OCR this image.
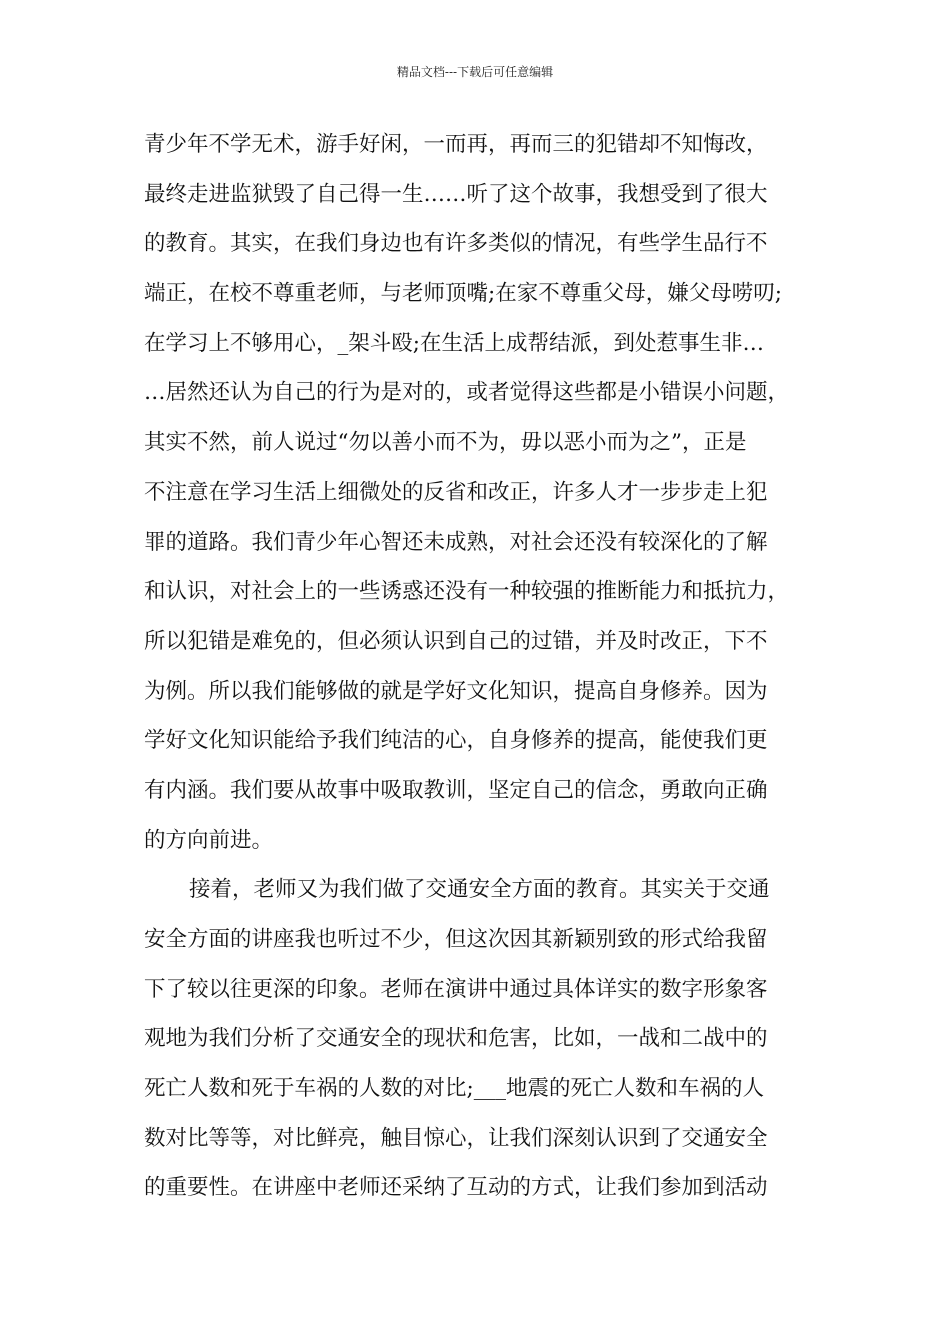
精品文档---下载后可任意编辑
青少年不学无术，游手好闲，一而再，再而三的犯错却不知悔改，
最终走进监狱毁了自己得一生……听了这个故事，我想受到了很大
的教育。其实，在我们身边也有许多类似的情况，有些学生品行不
端正，在校不尊重老师，与老师顶嘴;在家不尊重父母，嫌父母唠叨;
在学习上不够用心，_架斗殴;在生活上成帮结派，到处惹事生非…
…居然还认为自己的行为是对的，或者觉得这些都是小错误小问题，
其实不然，前人说过“勿以善小而不为，毋以恶小而为之”，正是
不注意在学习生活上细微处的反省和改正，许多人才一步步走上犯
罪的道路。我们青少年心智还未成熟，对社会还没有较深化的了解
和认识，对社会上的一些诱惑还没有一种较强的推断能力和抵抗力，
所以犯错是难免的，但必须认识到自己的过错，并及时改正，下不
为例。所以我们能够做的就是学好文化知识，提高自身修养。因为
学好文化知识能给予我们纯洁的心，自身修养的提高，能使我们更
有内涵。我们要从故事中吸取教训，坚定自己的信念，勇敢向正确
的方向前进。
接着，老师又为我们做了交通安全方面的教育。其实关于交通
安全方面的讲座我也听过不少，但这次因其新颖别致的形式给我留
下了较以往更深的印象。老师在演讲中通过具体详实的数字形象客
观地为我们分析了交通安全的现状和危害，比如，一战和二战中的
死亡人数和死于车祸的人数的对比;___地震的死亡人数和车祸的人
数对比等等，对比鲜亮，触目惊心，让我们深刻认识到了交通安全
的重要性。在讲座中老师还采纳了互动的方式，让我们参加到活动
